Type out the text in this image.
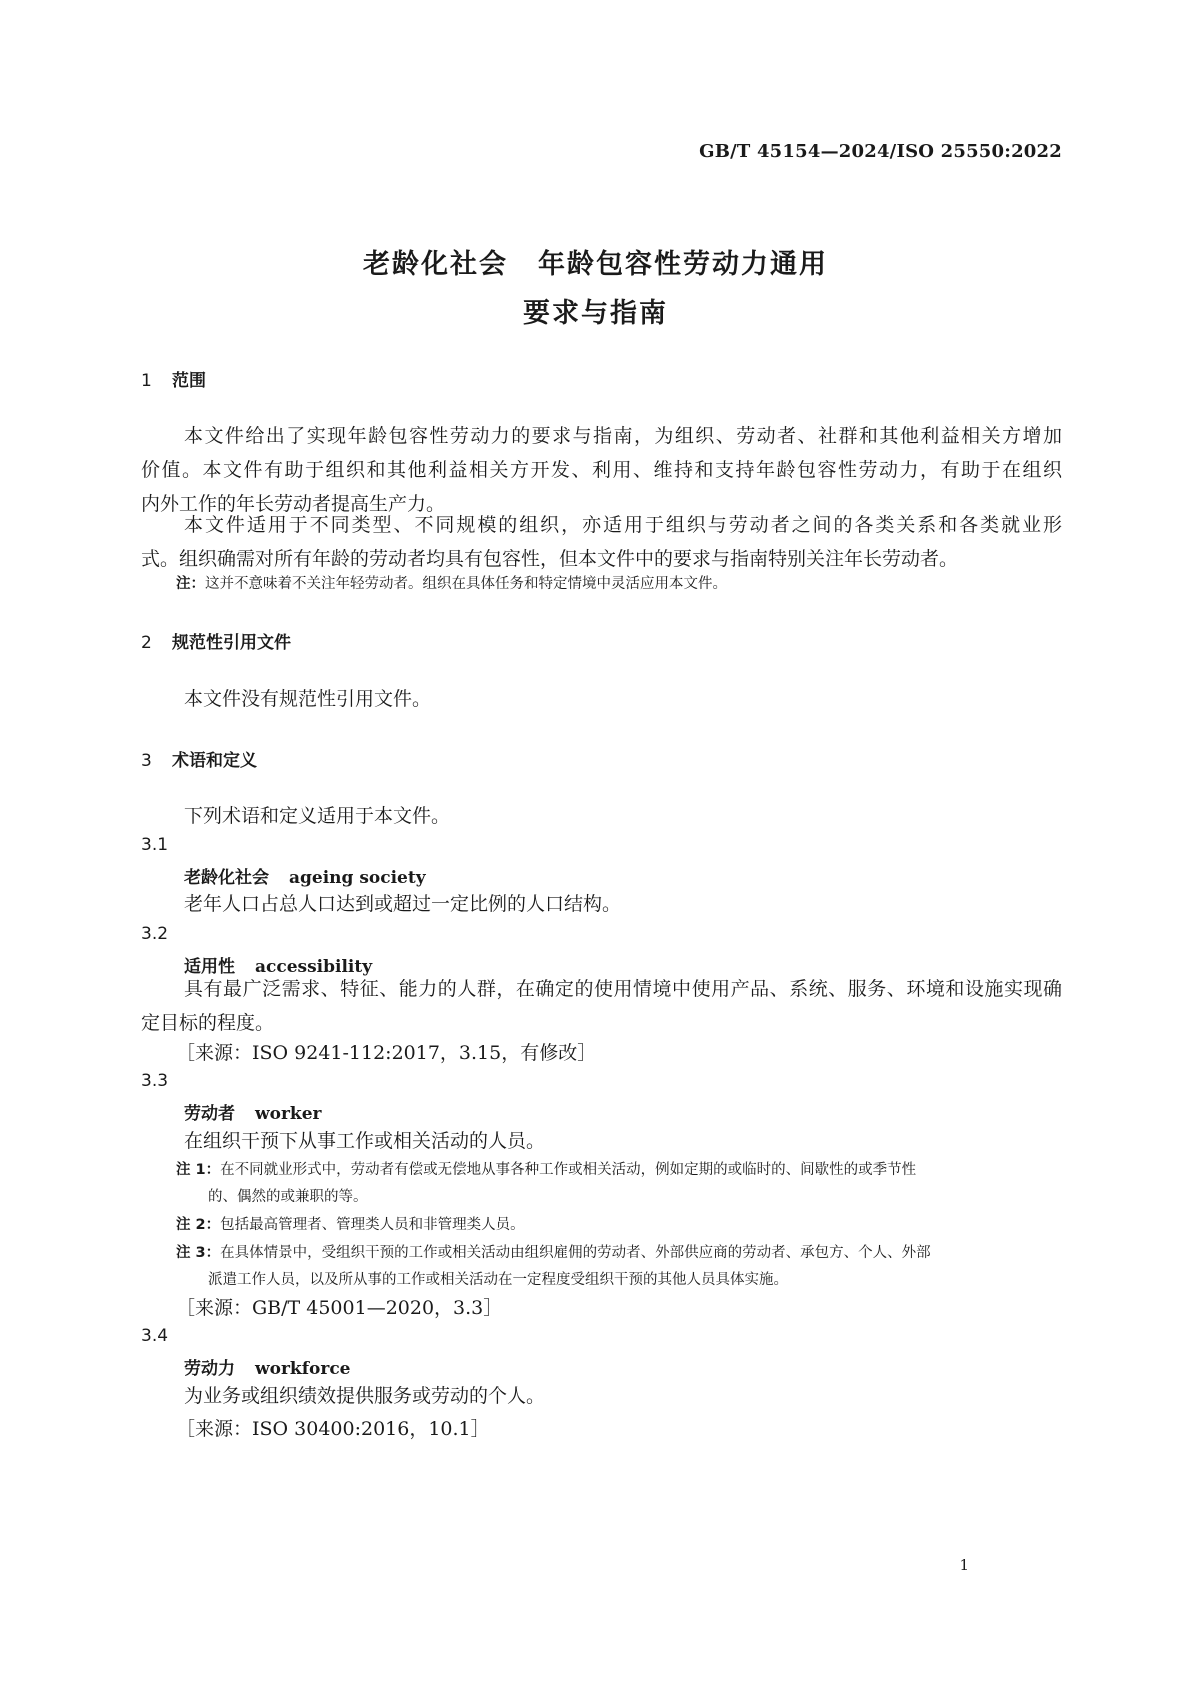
GB/T 45154—2024/ISO 25550:2022
老龄化社会 年龄包容性劳动力通用
要求与指南
1 范围
本文件给出了实现年龄包容性劳动力的要求与指南，为组织、劳动者、社群和其他利益相关方增加
价值。本文件有助于组织和其他利益相关方开发、利用、维持和支持年龄包容性劳动力，有助于在组织
内外工作的年长劳动者提高生产力。
本文件适用于不同类型、不同规模的组织，亦适用于组织与劳动者之间的各类关系和各类就业形
式。组织确需对所有年龄的劳动者均具有包容性，但本文件中的要求与指南特别关注年长劳动者。
注：这并不意味着不关注年轻劳动者。组织在具体任务和特定情境中灵活应用本文件。
2 规范性引用文件
本文件没有规范性引用文件。
3 术语和定义
下列术语和定义适用于本文件。
3.1
老龄化社会 ageing society
老年人口占总人口达到或超过一定比例的人口结构。
3.2
适用性 accessibility
具有最广泛需求、特征、能力的人群，在确定的使用情境中使用产品、系统、服务、环境和设施实现确
定目标的程度。
［来源：ISO 9241-112:2017，3.15，有修改］
3.3
劳动者 worker
在组织干预下从事工作或相关活动的人员。
注 1：在不同就业形式中，劳动者有偿或无偿地从事各种工作或相关活动，例如定期的或临时的、间歇性的或季节性
的、偶然的或兼职的等。
注 2：包括最高管理者、管理类人员和非管理类人员。
注 3：在具体情景中，受组织干预的工作或相关活动由组织雇佣的劳动者、外部供应商的劳动者、承包方、个人、外部
派遣工作人员，以及所从事的工作或相关活动在一定程度受组织干预的其他人员具体实施。
［来源：GB/T 45001—2020，3.3］
3.4
劳动力 workforce
为业务或组织绩效提供服务或劳动的个人。
［来源：ISO 30400:2016，10.1］
1
